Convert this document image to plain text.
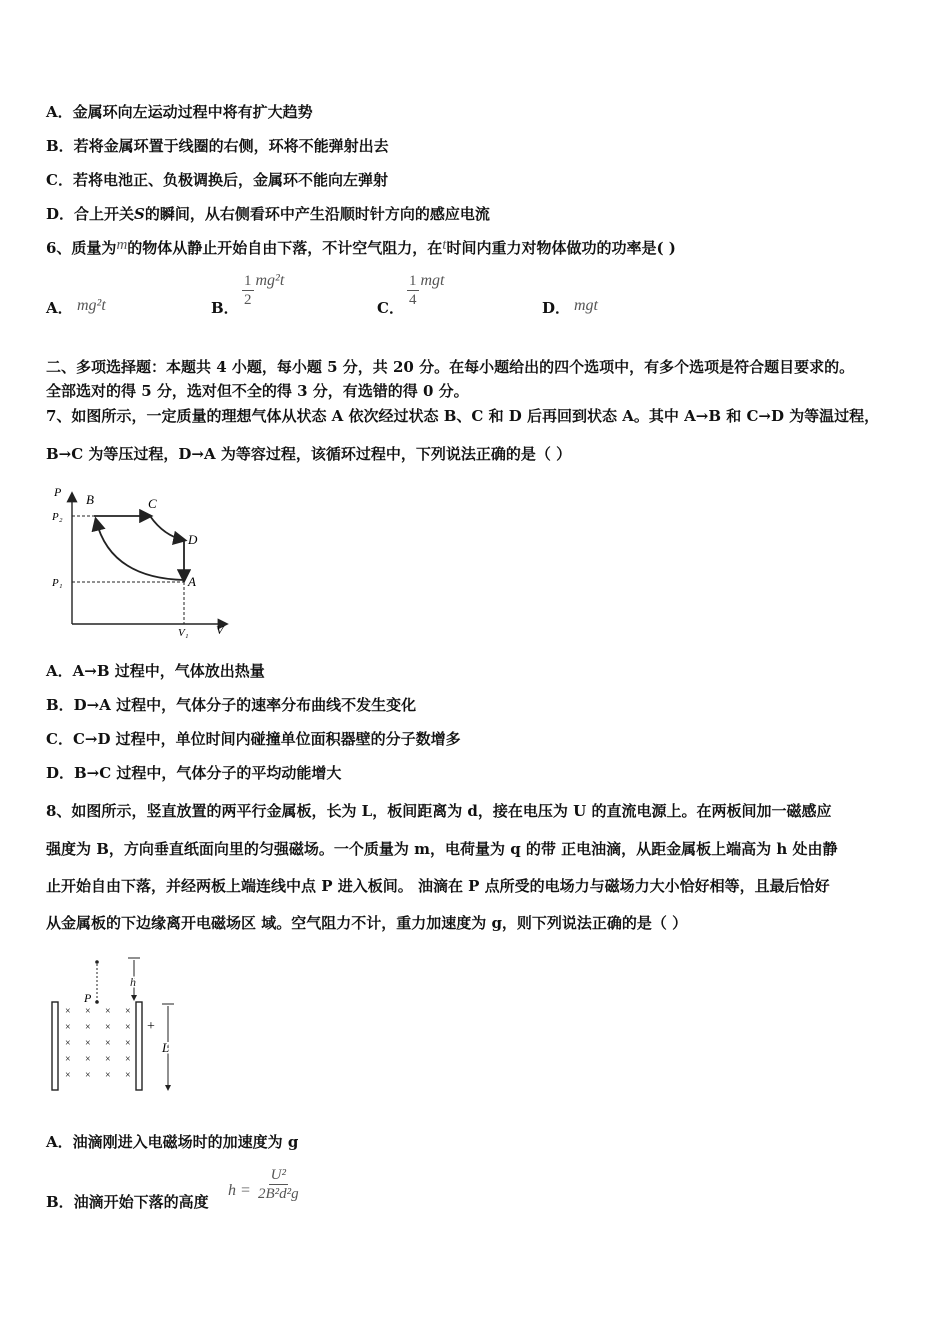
A．金属环向左运动过程中将有扩大趋势
B．若将金属环置于线圈的右侧，环将不能弹射出去
C．若将电池正、负极调换后，金属环不能向左弹射
D．合上开关S的瞬间，从右侧看环中产生沿顺时针方向的感应电流
6、质量为m的物体从静止开始自由下落，不计空气阻力，在t时间内重力对物体做功的功率是( )
A． mg²t	B． $\frac{1}{2} mg^2t$
C． $\frac{1}{4}$ mgt
D． mgt
二、多项选择题：本题共 4 小题，每小题 5 分，共 20 分。在每小题给出的四个选项中，有多个选项是符合题目要求的。
全部选对的得 5 分，选对但不全的得 3 分，有选错的得 0 分。
7、如图所示，一定质量的理想气体从状态 A 依次经过状态 B、C 和 D 后再回到状态 A。其中 A→B 和 C→D 为等温过程，
B→C 为等压过程，D→A 为等容过程，该循环过程中，下列说法正确的是（ ）
P
V
P₂
P₁
V₁
B	C
D
A
A．A→B 过程中，气体放出热量
B．D→A 过程中，气体分子的速率分布曲线不发生变化
C．C→D 过程中，单位时间内碰撞单位面积器壁的分子数增多
D．B→C 过程中，气体分子的平均动能增大
8、如图所示，竖直放置的两平行金属板，长为 L，板间距离为 d，接在电压为 U 的直流电源上。在两板间加一磁感应
强度为 B，方向垂直纸面向里的匀强磁场。一个质量为 m，电荷量为 q 的带 正电油滴，从距金属板上端高为 h 处由静
止开始自由下落，并经两板上端连线中点 P 进入板间。 油滴在 P 点所受的电场力与磁场力大小恰好相等，且最后恰好
从金属板的下边缘离开电磁场区 域。空气阻力不计，重力加速度为 g，则下列说法正确的是（ ）
P
h
+
L
× × × ×
× × × ×
× × × ×
× × × ×
× × × ×
A．油滴刚进入电磁场时的加速度为 g
B．油滴开始下落的高度
$h = \frac{\text{U²}}{\text{2B²d²g}}$
